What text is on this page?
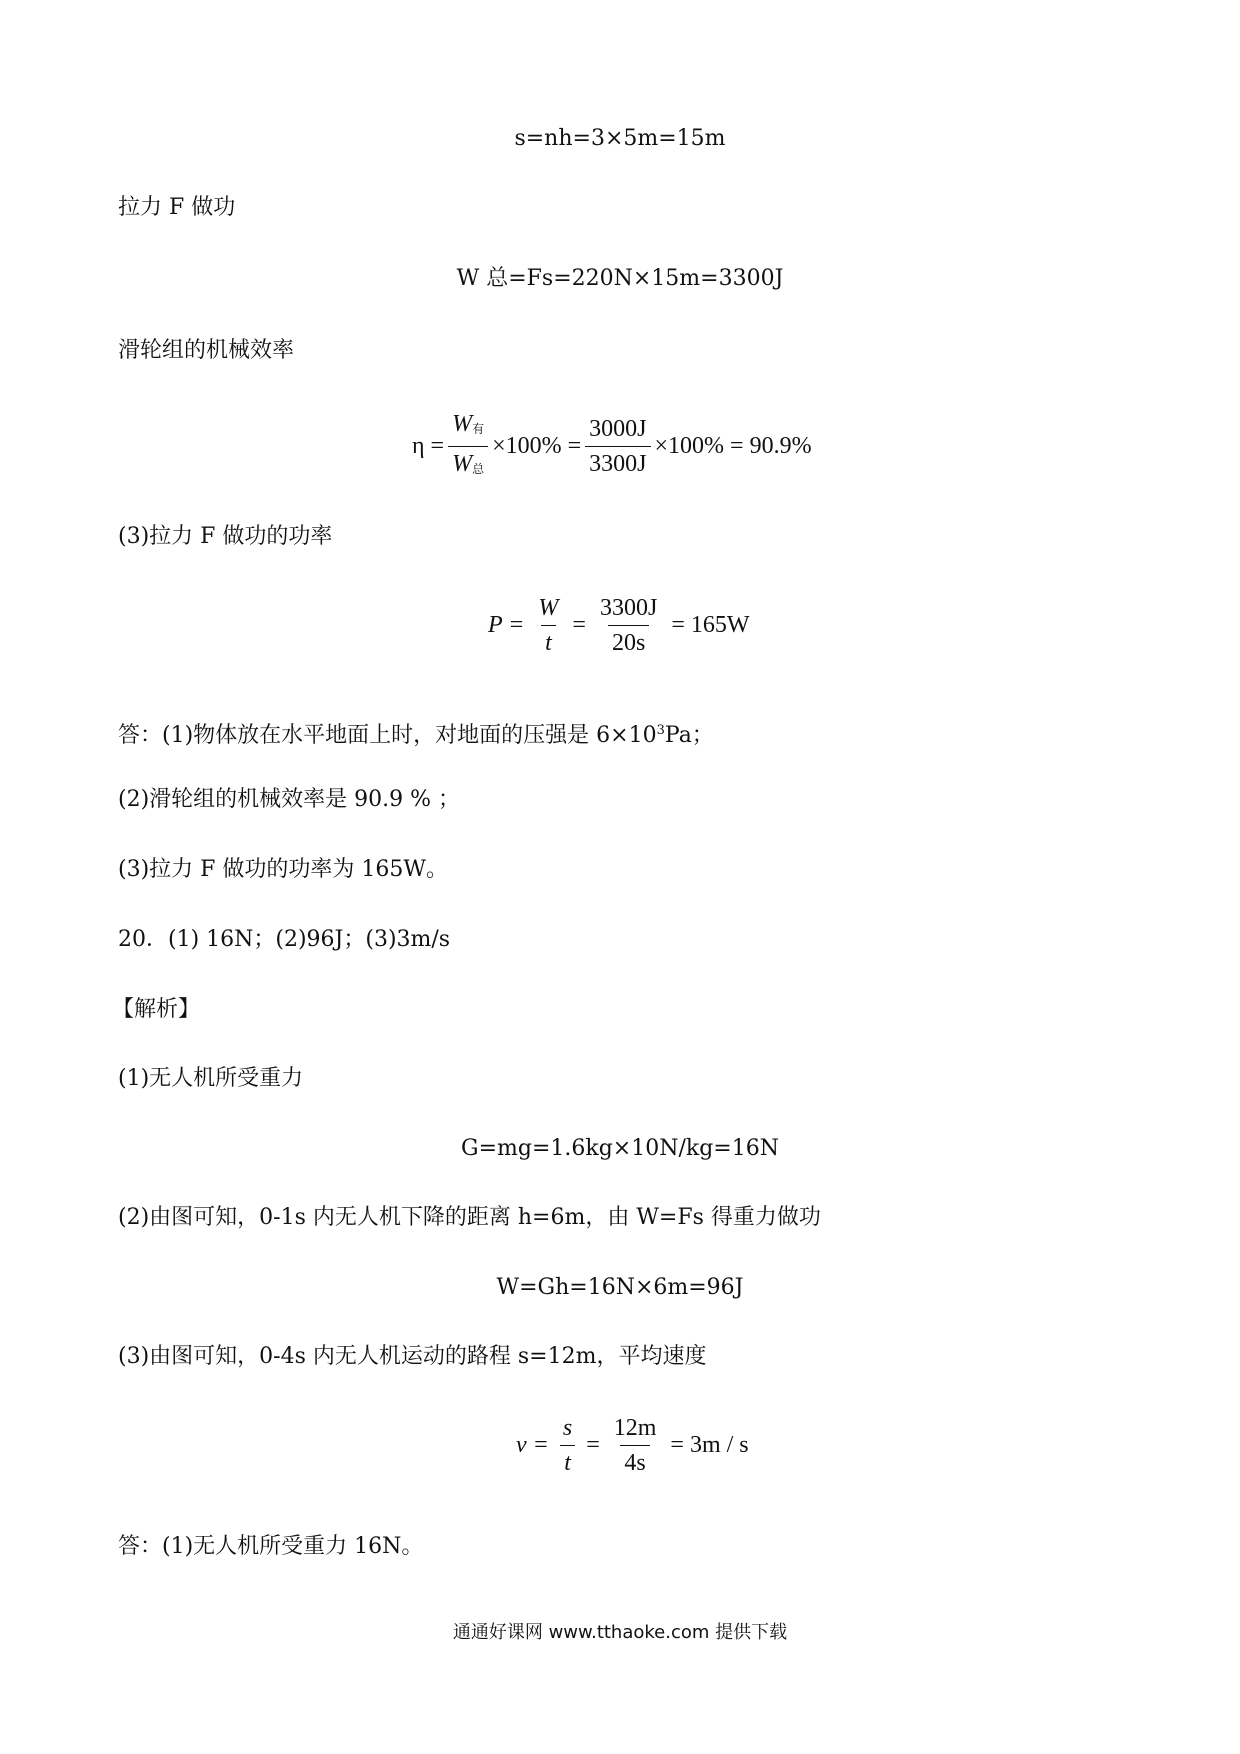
s=nh=3×5m=15m
拉力 F 做功
W 总=Fs=220N×15m=3300J
滑轮组的机械效率
$\eta = \frac{W_有}{W_总} \times 100\% = \frac{3000J}{3300J} \times 100\% = 90.9\%$
(3)拉力 F 做功的功率
$P = \frac{W}{t} = \frac{3300J}{20s} = 165W$
答：(1)物体放在水平地面上时，对地面的压强是 $6\times 10^3Pa$；
(2)滑轮组的机械效率是 90.9 % ；
(3)拉力 F 做功的功率为 165W。
20．(1) 16N；(2)96J；(3)3m/s
【解析】
(1)无人机所受重力
G=mg=1.6kg×10N/kg=16N
(2)由图可知，0-1s 内无人机下降的距离 h=6m，由 W=Fs 得重力做功
W=Gh=16N×6m=96J
(3)由图可知，0-4s 内无人机运动的路程 s=12m，平均速度
$v = \frac{s}{t} = \frac{12m}{4s} = 3m / s$
答：(1)无人机所受重力 16N。
通通好课网 www.tthaoke.com 提供下载
